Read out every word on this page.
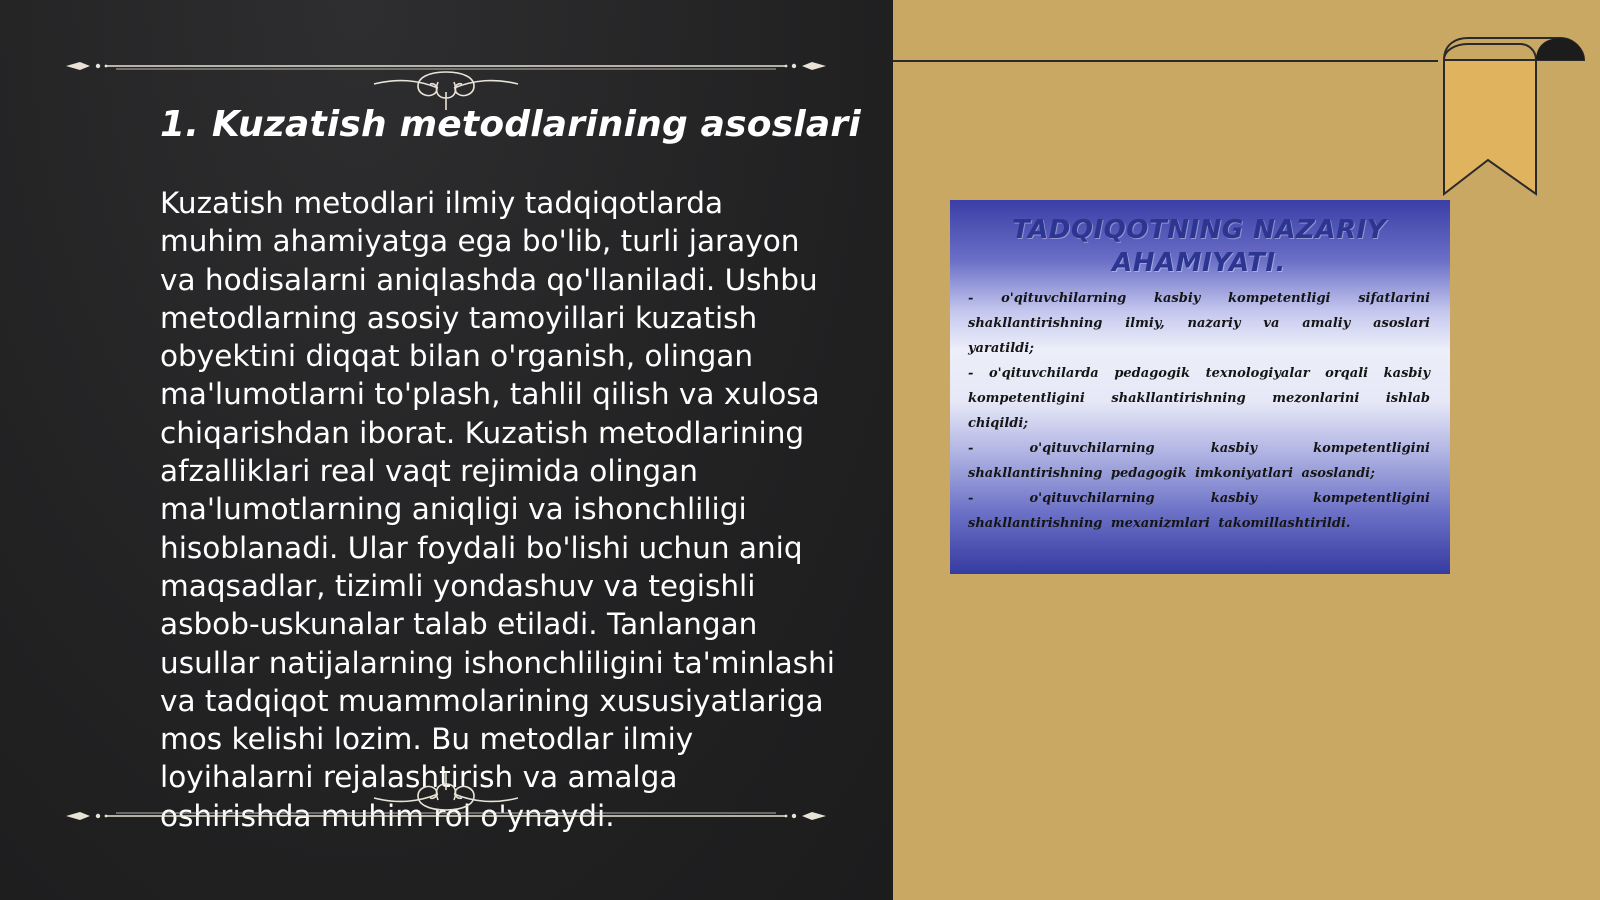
1. Kuzatish metodlarining asoslari

Kuzatish metodlari ilmiy tadqiqotlarda muhim ahamiyatga ega bo'lib, turli jarayon va hodisalarni aniqlashda qo'llaniladi. Ushbu metodlarning asosiy tamoyillari kuzatish obyektini diqqat bilan o'rganish, olingan ma'lumotlarni to'plash, tahlil qilish va xulosa chiqarishdan iborat. Kuzatish metodlarining afzalliklari real vaqt rejimida olingan ma'lumotlarning aniqligi va ishonchliligi hisoblanadi. Ular foydali bo'lishi uchun aniq maqsadlar, tizimli yondashuv va tegishli asbob-uskunalar talab etiladi. Tanlangan usullar natijalarning ishonchliligini ta'minlashi va tadqiqot muammolarining xususiyatlariga mos kelishi lozim. Bu metodlar ilmiy loyihalarni rejalashtirish va amalga oshirishda muhim rol o'ynaydi.

TADQIQOTNING NAZARIY AHAMIYATI.
- o'qituvchilarning kasbiy kompetentligi sifatlarini shakllantirishning ilmiy, nazariy va amaliy asoslari yaratildi;
- o'qituvchilarda pedagogik texnologiyalar orqali kasbiy kompetentligini shakllantirishning mezonlarini ishlab chiqildi;
- o'qituvchilarning kasbiy kompetentligini shakllantirishning pedagogik imkoniyatlari asoslandi;
- o'qituvchilarning kasbiy kompetentligini shakllantirishning mexanizmlari takomillashtirildi.
